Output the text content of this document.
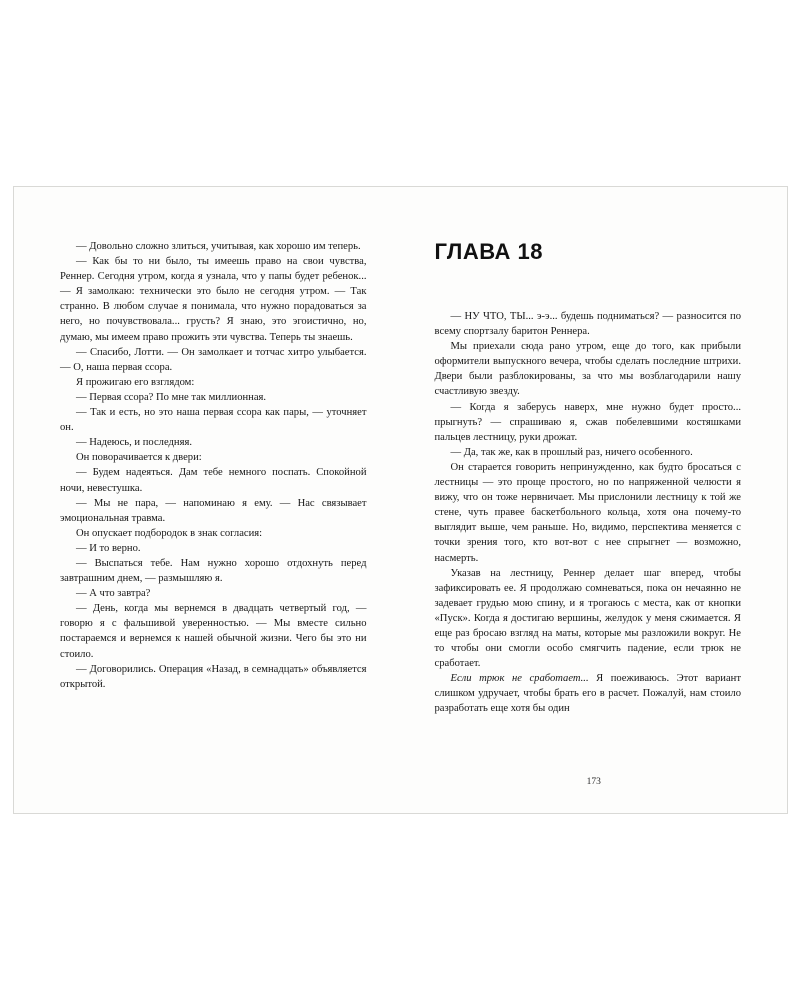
— Довольно сложно злиться, учитывая, как хорошо им теперь.

— Как бы то ни было, ты имеешь право на свои чувства, Реннер. Сегодня утром, когда я узнала, что у папы будет ребенок... — Я замолкаю: технически это было не сегодня утром. — Так странно. В любом случае я понимала, что нужно порадоваться за него, но почувствовала... грусть? Я знаю, это эгоистично, но, думаю, мы имеем право прожить эти чувства. Теперь ты знаешь.

— Спасибо, Лотти. — Он замолкает и тотчас хитро улыбается. — О, наша первая ссора.

Я прожигаю его взглядом:

— Первая ссора? По мне так миллионная.

— Так и есть, но это наша первая ссора как пары, — уточняет он.

— Надеюсь, и последняя.

Он поворачивается к двери:

— Будем надеяться. Дам тебе немного поспать. Спокойной ночи, невестушка.

— Мы не пара, — напоминаю я ему. — Нас связывает эмоциональная травма.

Он опускает подбородок в знак согласия:

— И то верно.

— Выспаться тебе. Нам нужно хорошо отдохнуть перед завтрашним днем, — размышляю я.

— А что завтра?

— День, когда мы вернемся в двадцать четвертый год, — говорю я с фальшивой уверенностью. — Мы вместе сильно постараемся и вернемся к нашей обычной жизни. Чего бы это ни стоило.

— Договорились. Операция «Назад, в семнадцать» объявляется открытой.

ГЛАВА 18

— НУ ЧТО, ТЫ... э-э... будешь подниматься? — разносится по всему спортзалу баритон Реннера.

Мы приехали сюда рано утром, еще до того, как прибыли оформители выпускного вечера, чтобы сделать последние штрихи. Двери были разблокированы, за что мы возблагодарили нашу счастливую звезду.

— Когда я заберусь наверх, мне нужно будет просто... прыгнуть? — спрашиваю я, сжав побелевшими костяшками пальцев лестницу, руки дрожат.

— Да, так же, как в прошлый раз, ничего особенного.

Он старается говорить непринужденно, как будто бросаться с лестницы — это проще простого, но по напряженной челюсти я вижу, что он тоже нервничает. Мы прислонили лестницу к той же стене, чуть правее баскетбольного кольца, хотя она почему-то выглядит выше, чем раньше. Но, видимо, перспектива меняется с точки зрения того, кто вот-вот с нее спрыгнет — возможно, насмерть.

Указав на лестницу, Реннер делает шаг вперед, чтобы зафиксировать ее. Я продолжаю сомневаться, пока он нечаянно не задевает грудью мою спину, и я трогаюсь с места, как от кнопки «Пуск». Когда я достигаю вершины, желудок у меня сжимается. Я еще раз бросаю взгляд на маты, которые мы разложили вокруг. Не то чтобы они смогли особо смягчить падение, если трюк не сработает.

Если трюк не сработает... Я поеживаюсь. Этот вариант слишком удручает, чтобы брать его в расчет. Пожалуй, нам стоило разработать еще хотя бы один

173
